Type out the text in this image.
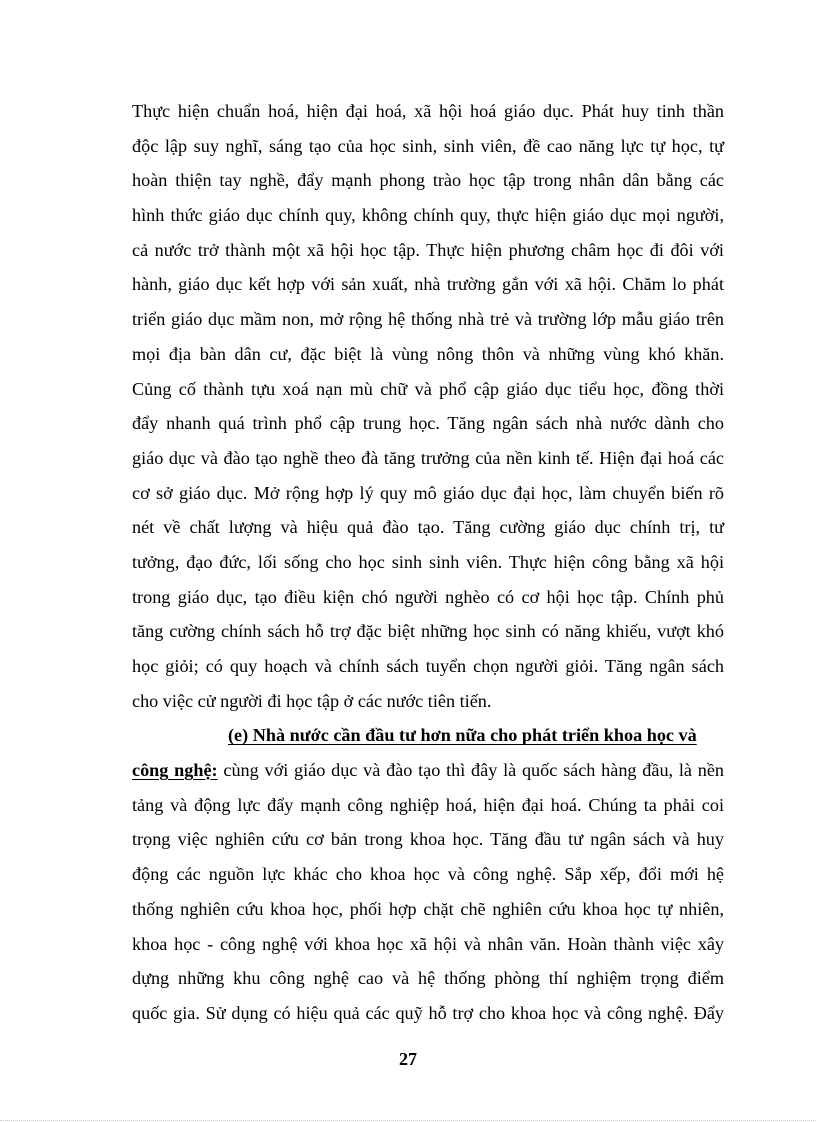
Thực hiện chuẩn hoá, hiện đại hoá, xã hội hoá giáo dục. Phát huy tinh thần
độc lập suy nghĩ, sáng tạo của học sinh, sinh viên, đề cao năng lực tự học, tự
hoàn thiện tay nghề, đẩy mạnh phong trào học tập trong nhân dân bằng các
hình thức giáo dục chính quy, không chính quy, thực hiện giáo dục mọi người,
cả nước trở thành một xã hội học tập. Thực hiện phương châm học đi đôi với
hành, giáo dục kết hợp với sản xuất, nhà trường gắn với xã hội. Chăm lo phát
triển giáo dục mầm non, mở rộng hệ thống nhà trẻ và trường lớp mẫu giáo trên
mọi địa bàn dân cư, đặc biệt là vùng nông thôn và những vùng khó khăn.
Củng cố thành tựu xoá nạn mù chữ và phổ cập giáo dục tiểu học, đồng thời
đẩy nhanh quá trình phổ cập trung học. Tăng ngân sách nhà nước dành cho
giáo dục và đào tạo nghề theo đà tăng trưởng của nền kinh tế. Hiện đại hoá các
cơ sở giáo dục. Mở rộng hợp lý quy mô giáo dục đại học, làm chuyển biến rõ
nét về chất lượng và hiệu quả đào tạo. Tăng cường giáo dục chính trị, tư
tưởng, đạo đức, lối sống cho học sinh sinh viên. Thực hiện công bằng xã hội
trong giáo dục, tạo điều kiện chó người nghèo có cơ hội học tập. Chính phủ
tăng cường chính sách hỗ trợ đặc biệt những học sinh có năng khiếu, vượt khó
học giỏi; có quy hoạch và chính sách tuyển chọn người giỏi. Tăng ngân sách
cho việc cử người đi học tập ở các nước tiên tiến.
(e) Nhà nước cần đầu tư hơn nữa cho phát triển khoa học và
công nghệ: cùng với giáo dục và đào tạo thì đây là quốc sách hàng đầu, là nền
tảng và động lực đẩy mạnh công nghiệp hoá, hiện đại hoá. Chúng ta phải coi
trọng việc nghiên cứu cơ bản trong khoa học. Tăng đầu tư ngân sách và huy
động các nguồn lực khác cho khoa học và công nghệ. Sắp xếp, đổi mới hệ
thống nghiên cứu khoa học, phối hợp chặt chẽ nghiên cứu khoa học tự nhiên,
khoa học - công nghệ với khoa học xã hội và nhân văn. Hoàn thành việc xây
dựng những khu công nghệ cao và hệ thống phòng thí nghiệm trọng điểm
quốc gia. Sử dụng có hiệu quả các quỹ hỗ trợ cho khoa học và công nghệ. Đẩy
27
